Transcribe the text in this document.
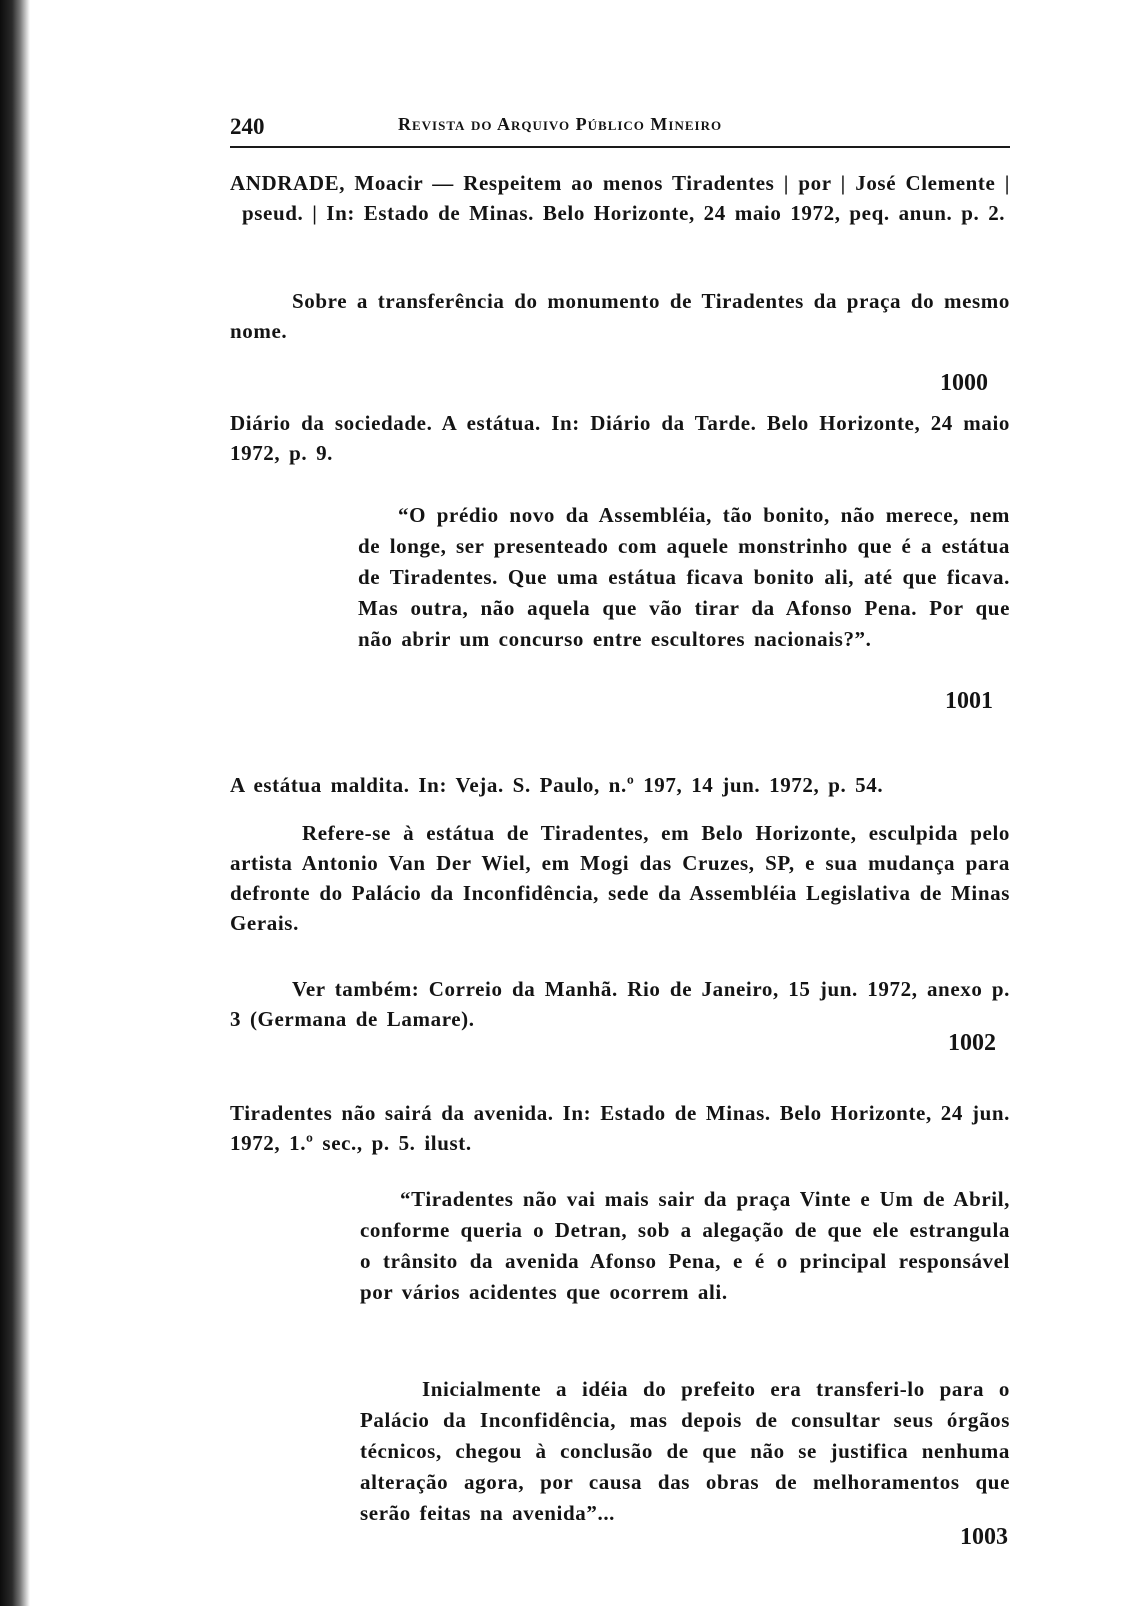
240	Revista do Arquivo Público Mineiro

ANDRADE, Moacir — Respeitem ao menos Tiradentes | por | José Clemente | pseud. | In: Estado de Minas. Belo Horizonte, 24 maio 1972, peq. anun. p. 2.

Sobre a transferência do monumento de Tiradentes da praça do mesmo nome.

1000

Diário da sociedade. A estátua. In: Diário da Tarde. Belo Horizonte, 24 maio 1972, p. 9.

“O prédio novo da Assembléia, tão bonito, não merece, nem de longe, ser presenteado com aquele monstrinho que é a estátua de Tiradentes. Que uma estátua ficava bonito ali, até que ficava. Mas outra, não aquela que vão tirar da Afonso Pena. Por que não abrir um concurso entre escultores nacionais?”.

1001

A estátua maldita. In: Veja. S. Paulo, n.º 197, 14 jun. 1972, p. 54.

Refere-se à estátua de Tiradentes, em Belo Horizonte, esculpida pelo artista Antonio Van Der Wiel, em Mogi das Cruzes, SP, e sua mudança para defronte do Palácio da Inconfidência, sede da Assembléia Legislativa de Minas Gerais.

Ver também: Correio da Manhã. Rio de Janeiro, 15 jun. 1972, anexo p. 3 (Germana de Lamare).

1002

Tiradentes não sairá da avenida. In: Estado de Minas. Belo Horizonte, 24 jun. 1972, 1.º sec., p. 5. ilust.

“Tiradentes não vai mais sair da praça Vinte e Um de Abril, conforme queria o Detran, sob a alegação de que ele estrangula o trânsito da avenida Afonso Pena, e é o principal responsável por vários acidentes que ocorrem ali.

Inicialmente a idéia do prefeito era transferi-lo para o Palácio da Inconfidência, mas depois de consultar seus órgãos técnicos, chegou à conclusão de que não se justifica nenhuma alteração agora, por causa das obras de melhoramentos que serão feitas na avenida”...

1003
